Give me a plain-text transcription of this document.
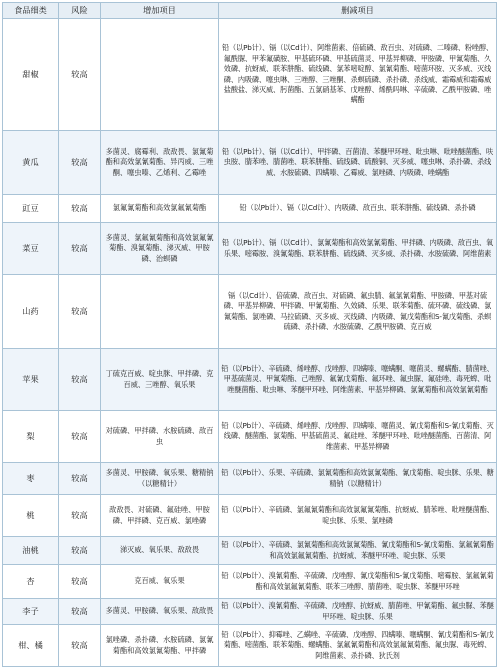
食品细类	风险	增加项目	删减项目
甜椒	较高		铅（以Pb计）、镉（以Cd计）、阿维菌素、倍硫磷、敌百虫、对硫磷、二嗪磷、粉唑醇、氟酰脲、甲苯氟磺胺、甲基硫环磷、甲基硫菌灵、甲基异柳磷、甲胺磷、甲氰菊酯、久效磷、抗蚜威、联苯肼酯、硫线磷、氯苯嘧啶醇、氯氰菊酯、嘧菌环胺、灭多威、灭线磷、内吸磷、噻虫啉、三唑醇、三唑酮、杀螟硫磷、杀扑磷、杀线威、霜霉威和霜霉威盐酸盐、涕灭威、肟菌酯、五氯硝基苯、戊唑醇、烯酰吗啉、辛硫磷、乙酰甲胺磷、唑螨酯
黄瓜	较高	多菌灵、腐霉利、敌敌畏、氯氰菊酯和高效氯氰菊酯、异丙威、三唑酮、噻虫嗪、乙烯利、乙霉唑	铅（以Pb计）、镉（以Cd计）、甲拌磷、百菌清、苯醚甲环唑、吡虫啉、吡唑醚菌酯、呋虫胺、腈苯唑、腈菌唑、联苯肼酯、硫线磷、硫酸铜、灭多威、噻虫啉、杀扑磷、杀线威、水胺硫磷、四螨嗪、乙霉威、氯唑磷、内吸磷、唑螨酯
豇豆	较高	氯氟氰菊酯和高效氯氟氰菊酯	铅（以Pb计）、镉（以Cd计）、内吸磷、敌百虫、联苯肼酯、硫线磷、杀扑磷
菜豆	较高	多菌灵、氯氟氰菊酯和高效氯氟氰菊酯、溴氰菊酯、涕灭威、甲胺磷、治螟磷	铅（以Pb计）、镉（以Cd计）、氯氰菊酯和高效氯氰菊酯、甲拌磷、内吸磷、敌百虫、氧乐果、嘧霉胺、溴氰菊酯、联苯肼酯、硫线磷、灭多威、杀扑磷、水胺硫磷、阿维菌素
山药	较高		镉（以Cd计）、倍硫磷、敌百虫、对硫磷、氟虫腈、氟氯氰菊酯、甲胺磷、甲基对硫磷、甲基异柳磷、甲拌磷、甲氰菊酯、久效磷、乐果、联苯菊酯、硫环磷、硫线磷、氯氰菊酯、氯唑磷、马拉硫磷、灭多威、灭线磷、内吸磷、氰戊菊酯和S-氰戊菊酯、杀螟硫磷、杀扑磷、水胺硫磷、乙酰甲胺磷、克百威
苹果	较高	丁硫克百威、啶虫脒、甲拌磷、克百威、三唑醇、氧乐果	铅（以Pb计）、辛硫磷、烯唑醇、戊唑醇、四螨嗪、噻螨酮、噻菌灵、螺螨酯、腈菌唑、甲基硫菌灵、甲氰菊酯、己唑醇、氟氰戊菊酯、氟环唑、氟虫脲、氟硅唑、毒死蜱、吡唑醚菌酯、吡虫啉、苯醚甲环唑、阿维菌素、甲基异柳磷、氯氰菊酯和高效氯氰菊酯
梨	较高	对硫磷、甲拌磷、水胺硫磷、敌百虫	铅（以Pb计）、辛硫磷、烯唑醇、戊唑醇、四螨嗪、噻菌灵、氰戊菊酯和S-氰戊菊酯、灭线磷、醚菌酯、氯菊酯、甲基硫菌灵、氟硅唑、苯醚甲环唑、吡唑醚菌酯、百菌清、阿维菌素、甲基异柳磷
枣	较高	多菌灵、甲胺磷、氧乐果、糖精钠（以糖精计）	铅（以Pb计）、乐果、辛硫磷、氯氰菊酯和高效氯氰菊酯、氰戊菊酯、啶虫脒、乐果、糖精钠（以糖精计）
桃	较高	敌敌畏、对硫磷、氟硅唑、甲胺磷、甲拌磷、克百威、氯唑磷	铅（以Pb计）、辛硫磷、氯氟氰菊酯和高效氯氟氰菊酯、抗蚜威、腈苯唑、吡唑醚菌酯、啶虫脒、乐果、氯唑磷
油桃	较高	涕灭威、氧乐果、敌敌畏	铅（以Pb计）、辛硫磷、氯氰菊酯和高效氯氰菊酯、氰戊菊酯和S-氰戊菊酯、氯氟氰菊酯和高效氯氟氰菊酯、抗蚜威、苯醚甲环唑、啶虫脒、乐果
杏	较高	克百威、氧乐果	铅（以Pb计）、溴氰菊酯、辛硫磷、戊唑醇、氰戊菊酯和S-氰戊菊酯、嘧霉胺、氯氟氰菊酯和高效氯氟氰菊酯、联苯三唑醇、腈菌唑、啶虫脒、苯醚甲环唑
李子	较高	多菌灵、甲胺磷、氧乐果、敌敌畏	铅（以Pb计）、溴氰菊酯、辛硫磷、戊唑醇、抗蚜威、腈菌唑、甲氰菊酯、氟虫脲、苯醚甲环唑、啶虫脒、乐果
柑、橘	较高	氯唑磷、杀扑磷、水胺硫磷、氯氰菊酯和高效氯氰菊酯、甲拌磷	铅（以Pb计）、抑霉唑、乙螨唑、辛硫磷、戊唑醇、四螨嗪、噻螨酮、氰戊菊酯和S-氰戊菊酯、嘧菌酯、联苯菊酯、螺螨酯、氯氟氰菊酯和高效氯氟氰菊酯、氟虫脲、毒死蜱、阿维菌素、杀扑磷、狄氏剂
